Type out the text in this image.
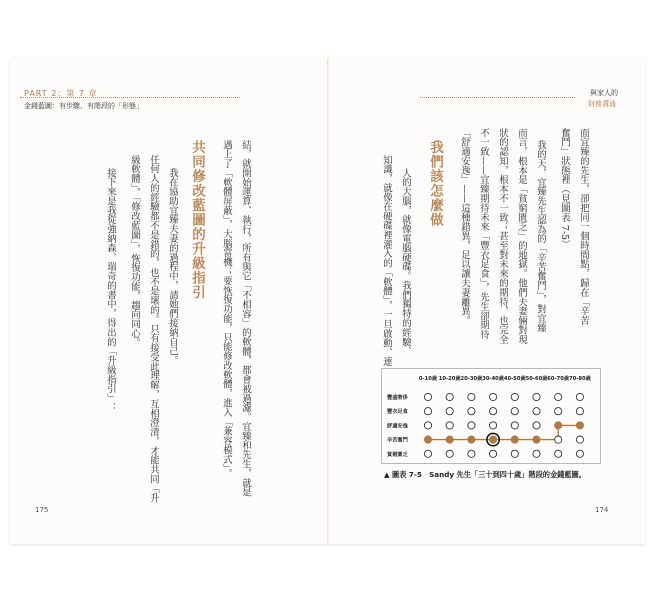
PART 2：第 7 章
金錢藍圖：有步驟、有階段的「形態」
與家人的
財務溝通
結，就開始運算、執行，所有與它「不相容」的軟體，都會被過濾。宜臻和先生，就是
遇上了「軟體屏蔽」，大腦當機；要恢復功能，只能修改軟體，進入「兼容模式」。
共同修改藍圖的升級指引
我在協助宜臻夫妻的過程中，請她們接納自己。
任何人的經驗都不是錯的，也不是壞的。只有接受此理解，互相澄清，才能共同「升
級軟體」，「修改藍圖」，恢復功能，趨向同心。
接下來是我從強納森、瑞奇的書中，得出的「升級指引」：	面宜臻的先生，卻把同一個時間點，歸在「辛苦
奮鬥」狀態裡（見圖表 7-5）
我的天，宜臻先生認為的「辛苦奮鬥」，對宜臻
而言，根本是「貧窮匱乏」的地獄。他們夫妻倆對現
狀的認知，根本不一致；甚至對未來的期待，也完全
不一致——宜臻期待未來「豐衣足食」，先生卻期待
「舒適安逸」——這種錯異，足以讓夫妻離異。
我們該怎麼做
人的大腦，就像電腦硬碟。我們獨特的經驗、
知識，就像在硬碟裡灌入的「軟體」，一旦啟動、連
0-10歲 10-20歲 20-30歲 30-40歲 40-50歲 50-60歲 60-70歲 70-80歲
豐盛奢侈
豐衣足食
舒適安逸
辛苦奮鬥
貧窮匱乏
▲ 圖表 7-5　Sandy 先生「三十到四十歲」階段的金錢藍圖。
175	174
